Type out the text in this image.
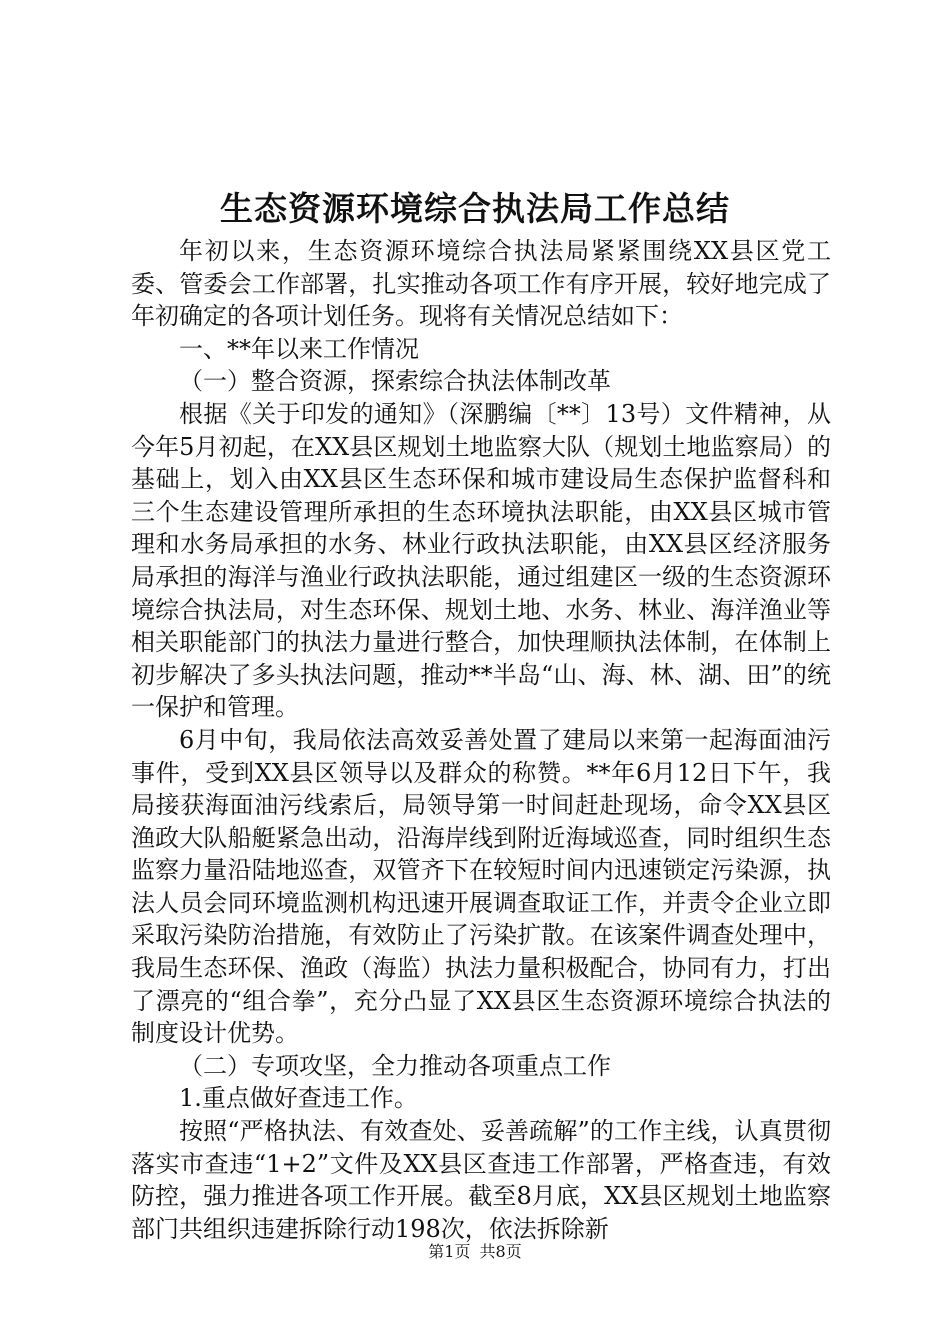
生态资源环境综合执法局工作总结

年初以来，生态资源环境综合执法局紧紧围绕XX县区党工委、管委会工作部署，扎实推动各项工作有序开展，较好地完成了年初确定的各项计划任务。现将有关情况总结如下：

一、**年以来工作情况

（一）整合资源，探索综合执法体制改革

根据《关于印发的通知》（深鹏编〔**〕13号）文件精神，从今年5月初起，在XX县区规划土地监察大队（规划土地监察局）的基础上，划入由XX县区生态环保和城市建设局生态保护监督科和三个生态建设管理所承担的生态环境执法职能，由XX县区城市管理和水务局承担的水务、林业行政执法职能，由XX县区经济服务局承担的海洋与渔业行政执法职能，通过组建区一级的生态资源环境综合执法局，对生态环保、规划土地、水务、林业、海洋渔业等相关职能部门的执法力量进行整合，加快理顺执法体制，在体制上初步解决了多头执法问题，推动**半岛“山、海、林、湖、田”的统一保护和管理。

6月中旬，我局依法高效妥善处置了建局以来第一起海面油污事件，受到XX县区领导以及群众的称赞。**年6月12日下午，我局接获海面油污线索后，局领导第一时间赶赴现场，命令XX县区渔政大队船艇紧急出动，沿海岸线到附近海域巡查，同时组织生态监察力量沿陆地巡查，双管齐下在较短时间内迅速锁定污染源，执法人员会同环境监测机构迅速开展调查取证工作，并责令企业立即采取污染防治措施，有效防止了污染扩散。在该案件调查处理中，我局生态环保、渔政（海监）执法力量积极配合，协同有力，打出了漂亮的“组合拳”，充分凸显了XX县区生态资源环境综合执法的制度设计优势。

（二）专项攻坚，全力推动各项重点工作

1.重点做好查违工作。

按照“严格执法、有效查处、妥善疏解”的工作主线，认真贯彻落实市查违“1+2”文件及XX县区查违工作部署，严格查违，有效防控，强力推进各项工作开展。截至8月底，XX县区规划土地监察部门共组织违建拆除行动198次，依法拆除新

第1页 共8页
